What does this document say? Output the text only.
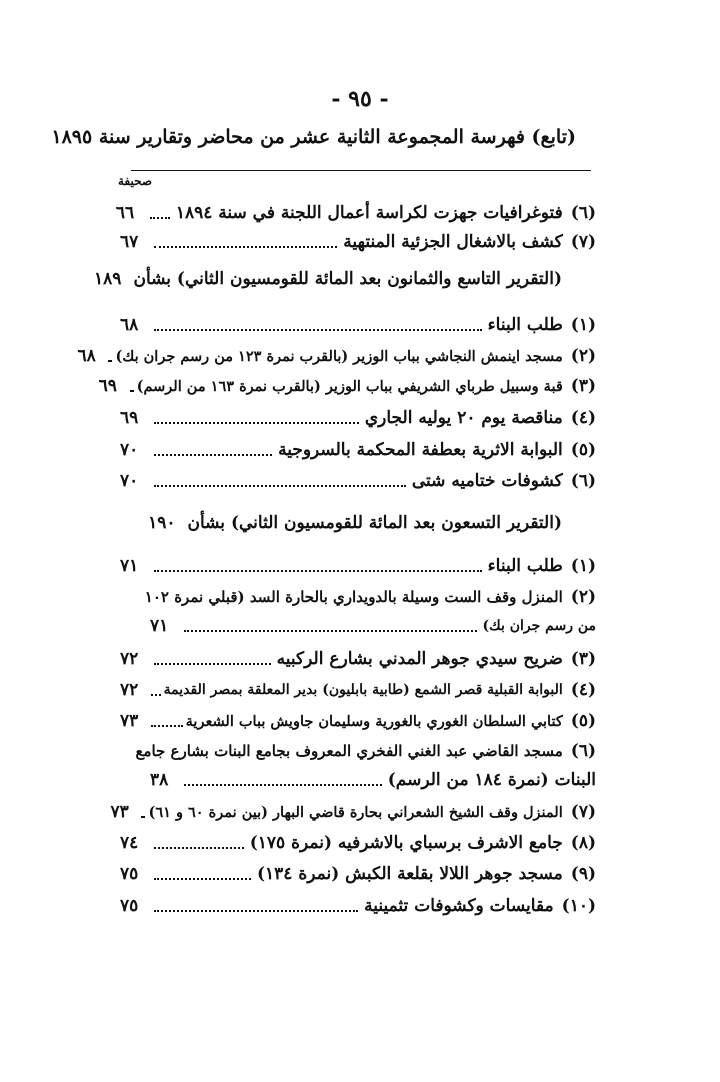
- ٩٥ -
(تابع) فهرسة المجموعة الثانية عشر من محاضر وتقارير سنة ١٨٩٥
صحيفة
(٦)
فتوغرافيات جهزت لكراسة أعمال اللجنة في سنة ١٨٩٤
٦٦
(٧)
كشف بالاشغال الجزئية المنتهية
٦٧
(التقرير التاسع والثمانون بعد المائة للقومسيون الثاني) بشأن
١٨٩
(١)
طلب البناء
٦٨
(٢)
مسجد اينمش النجاشي بباب الوزير (بالقرب نمرة ١٢٣ من رسم جران بك)
٦٨
(٣)
قبة وسبيل طرباي الشريفي بباب الوزير (بالقرب نمرة ١٦٣ من الرسم)
٦٩
(٤)
مناقصة يوم ٢٠ يوليه الجاري
٦٩
(٥)
البوابة الاثرية بعطفة المحكمة بالسروجية
٧٠
(٦)
كشوفات ختاميه شتى
٧٠
(التقرير التسعون بعد المائة للقومسيون الثاني) بشأن
١٩٠
(١)
طلب البناء
٧١
(٢)
المنزل وقف الست وسيلة بالدويداري بالحارة السد (قبلي نمرة ١٠٢
من رسم جران بك)
٧١
(٣)
ضريح سيدي جوهر المدني بشارع الركبيه
٧٢
(٤)
البوابة القبلية قصر الشمع (طابية بابليون) بدير المعلقة بمصر القديمة
٧٢
(٥)
كتابي السلطان الغوري بالغورية وسليمان جاويش بباب الشعرية
٧٣
(٦)
مسجد القاضي عبد الغني الفخري المعروف بجامع البنات بشارع جامع
البنات (نمرة ١٨٤ من الرسم)
٣٨
(٧)
المنزل وقف الشيخ الشعراني بحارة قاضي البهار (بين نمرة ٦٠ و ٦١)
٧٣
(٨)
جامع الاشرف برسباي بالاشرفيه (نمرة ١٧٥)
٧٤
(٩)
مسجد جوهر اللالا بقلعة الكبش (نمرة ١٣٤)
٧٥
(١٠)
مقايسات وكشوفات تثمينية
٧٥
